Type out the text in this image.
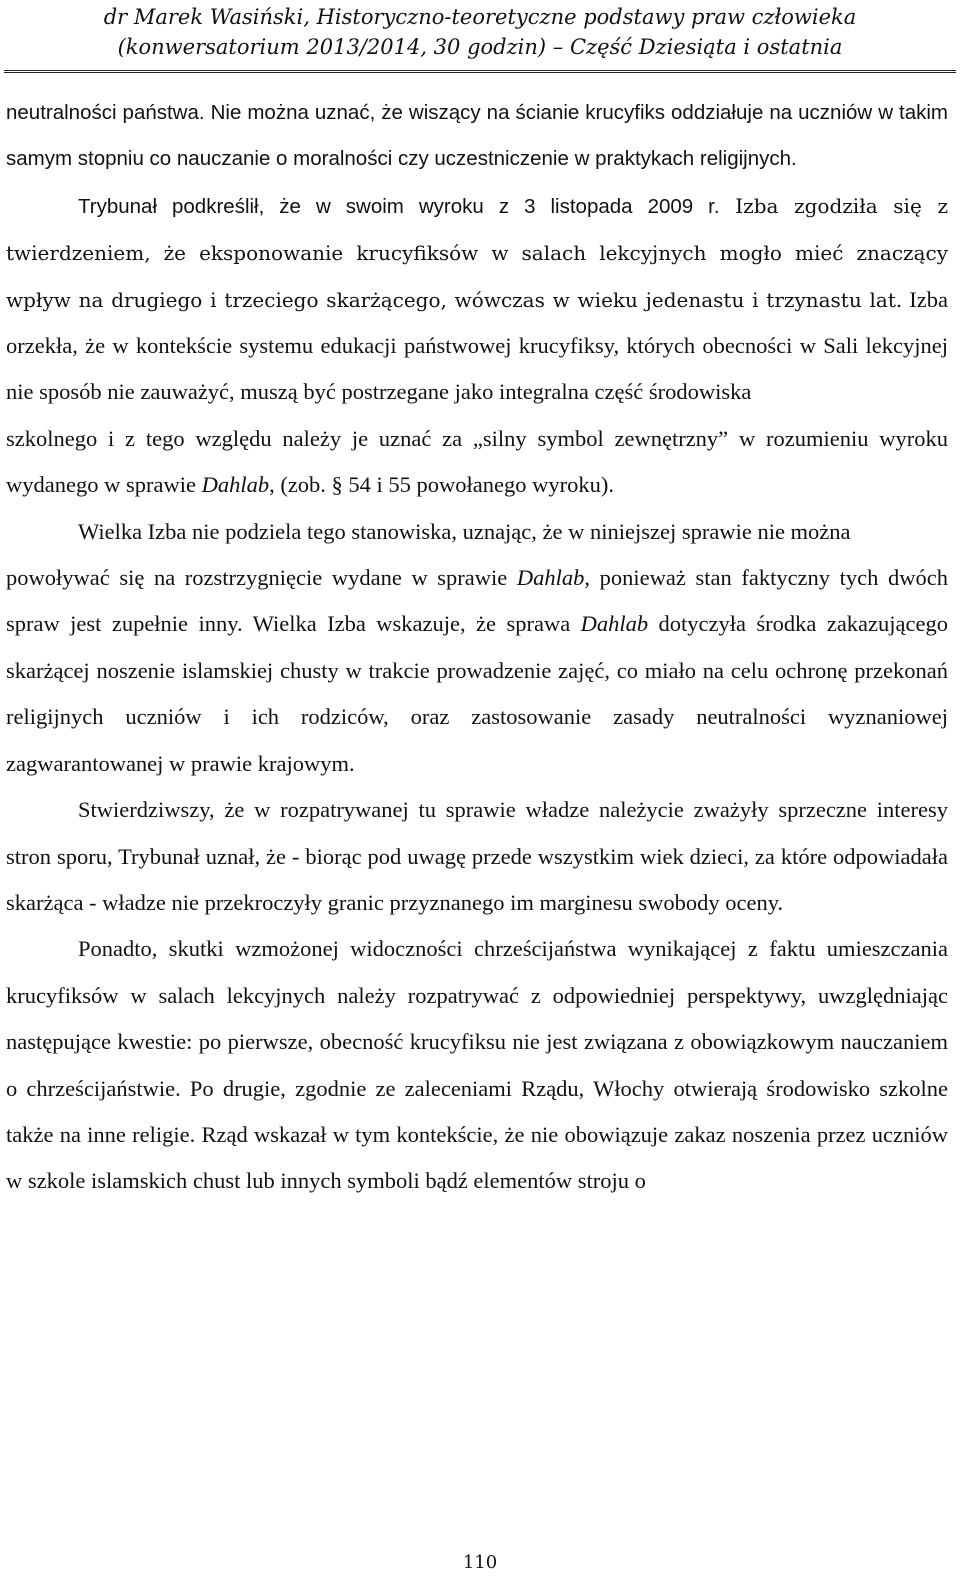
dr Marek Wasiński, Historyczno-teoretyczne podstawy praw człowieka
(konwersatorium 2013/2014, 30 godzin) – Część Dziesiąta i ostatnia

neutralności państwa. Nie można uznać, że wiszący na ścianie krucyfiks oddziałuje na uczniów w takim samym stopniu co nauczanie o moralności czy uczestniczenie w praktykach religijnych.

Trybunał podkreślił, że w swoim wyroku z 3 listopada 2009 r. Izba zgodziła się z twierdzeniem, że eksponowanie krucyfiksów w salach lekcyjnych mogło mieć znaczący wpływ na drugiego i trzeciego skarżącego, wówczas w wieku jedenastu i trzynastu lat. Izba orzekła, że w kontekście systemu edukacji państwowej krucyfiksy, których obecności w Sali lekcyjnej nie sposób nie zauważyć, muszą być postrzegane jako integralna część środowiska

szkolnego i z tego względu należy je uznać za „silny symbol zewnętrzny” w rozumieniu wyroku wydanego w sprawie Dahlab, (zob. § 54 i 55 powołanego wyroku).

Wielka Izba nie podziela tego stanowiska, uznając, że w niniejszej sprawie nie można

powoływać się na rozstrzygnięcie wydane w sprawie Dahlab, ponieważ stan faktyczny tych dwóch spraw jest zupełnie inny. Wielka Izba wskazuje, że sprawa Dahlab dotyczyła środka zakazującego skarżącej noszenie islamskiej chusty w trakcie prowadzenie zajęć, co miało na celu ochronę przekonań religijnych uczniów i ich rodziców, oraz zastosowanie zasady neutralności wyznaniowej zagwarantowanej w prawie krajowym.

Stwierdziwszy, że w rozpatrywanej tu sprawie władze należycie zważyły sprzeczne interesy stron sporu, Trybunał uznał, że - biorąc pod uwagę przede wszystkim wiek dzieci, za które odpowiadała skarżąca - władze nie przekroczyły granic przyznanego im marginesu swobody oceny.

Ponadto, skutki wzmożonej widoczności chrześcijaństwa wynikającej z faktu umieszczania krucyfiksów w salach lekcyjnych należy rozpatrywać z odpowiedniej perspektywy, uwzględniając następujące kwestie: po pierwsze, obecność krucyfiksu nie jest związana z obowiązkowym nauczaniem o chrześcijaństwie. Po drugie, zgodnie ze zaleceniami Rządu, Włochy otwierają środowisko szkolne także na inne religie. Rząd wskazał w tym kontekście, że nie obowiązuje zakaz noszenia przez uczniów w szkole islamskich chust lub innych symboli bądź elementów stroju o

110
